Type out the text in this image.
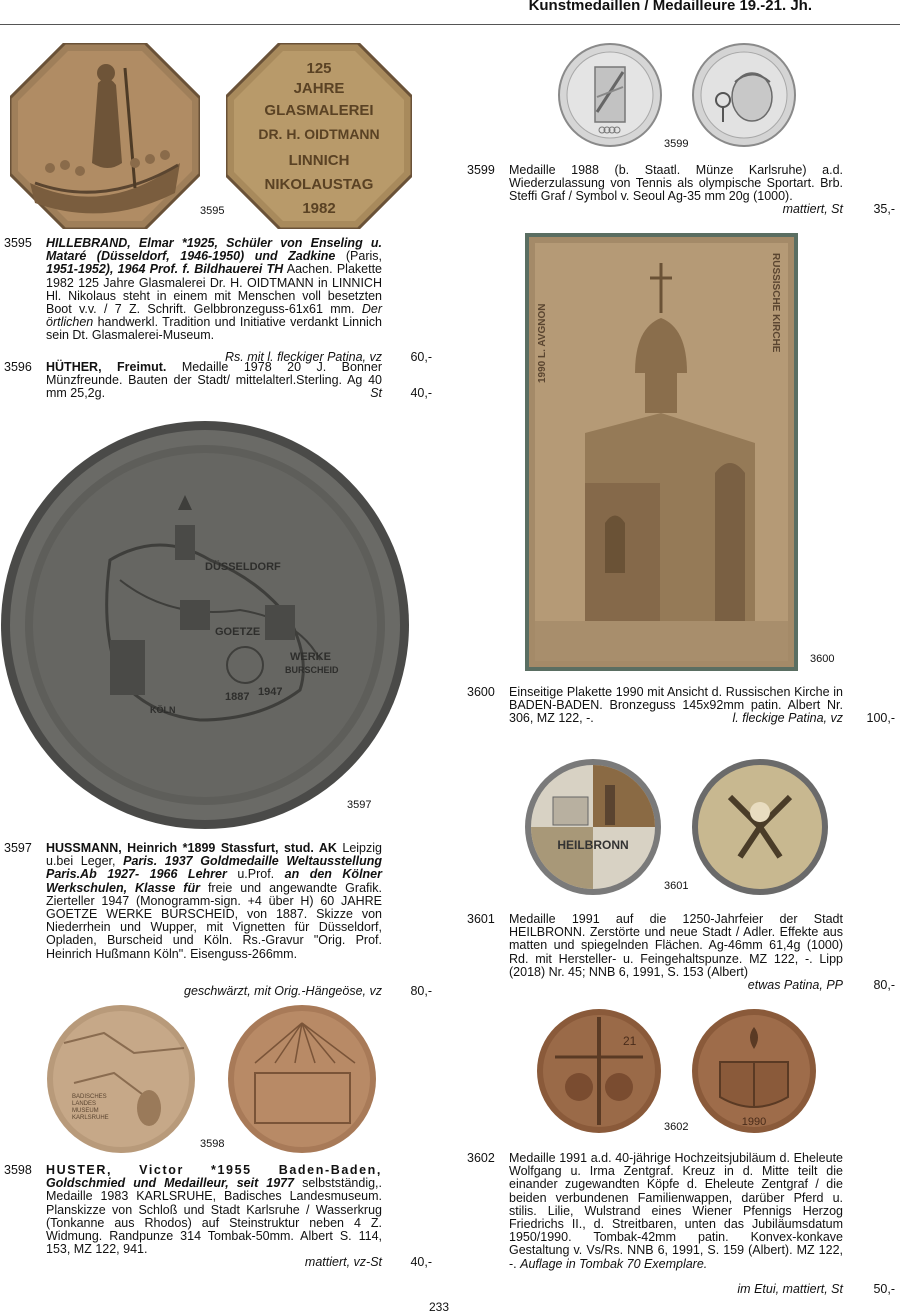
Kunstmedaillen / Medailleure 19.-21. Jh.
125
JAHRE
GLASMALEREI
DR. H. OIDTMANN
LINNICH
NIKOLAUSTAG
1982
3595
3599
DÜSSELDORF
GOETZE
WERKE
BURSCHEID
1887 1947
KÖLN
3597
RUSSISCHE KIRCHE
1990 L. AVGNON
3600
HEILBRONN
3601
BADISCHES
LANDES
MUSEUM
KARLSRUHE
3598
21
1990
3602
3595 HILLEBRAND, Elmar *1925, Schüler von Enseling u. Mataré (Düsseldorf, 1946-1950) und Zadkine (Paris, 1951-1952), 1964 Prof. f. Bildhauerei TH Aachen. Plakette 1982 125 Jahre Glasmalerei Dr. H. OIDTMANN in LINNICH Hl. Nikolaus steht in einem mit Menschen voll besetzten Boot v.v. / 7 Z. Schrift. Gelbbronzeguss-61x61 mm. Der örtlichen handwerkl. Tradition und Initiative verdankt Linnich sein Dt. Glasmalerei-Museum.
Rs. mit l. fleckiger Patina, vz 60,-
3596 HÜTHER, Freimut. Medaille 1978 20 J. Bonner Münzfreunde. Bauten der Stadt/ mittelalterl.Sterling. Ag 40 mm 25,2g.	St 40,-
3597 HUSSMANN, Heinrich *1899 Stassfurt, stud. AK Leipzig u.bei Leger, Paris. 1937 Goldmedaille Weltausstellung Paris.Ab 1927- 1966 Lehrer u.Prof. an den Kölner Werkschulen, Klasse für freie und angewandte Grafik. Zierteller 1947 (Monogramm-sign. +4 über H) 60 JAHRE GOETZE WERKE BURSCHEID, von 1887. Skizze von Niederrhein und Wupper, mit Vignetten für Düsseldorf, Opladen, Burscheid und Köln. Rs.-Gravur "Orig. Prof. Heinrich Hußmann Köln". Eisenguss-266mm.
geschwärzt, mit Orig.-Hängeöse, vz 80,-
3598 HUSTER, Victor *1955 Baden-Baden, Goldschmied und Medailleur, seit 1977 selbstständig,. Medaille 1983 KARLSRUHE, Badisches Landesmuseum. Planskizze von Schloß und Stadt Karlsruhe / Wasserkrug (Tonkanne aus Rhodos) auf Steinstruktur neben 4 Z. Widmung. Randpunze 314 Tombak-50mm. Albert S. 114, 153, MZ 122, 941.
mattiert, vz-St 40,-
3599 Medaille 1988 (b. Staatl. Münze Karlsruhe) a.d. Wiederzulassung von Tennis als olympische Sportart. Brb. Steffi Graf / Symbol v. Seoul Ag-35 mm 20g (1000).
mattiert, St 35,-
3600 Einseitige Plakette 1990 mit Ansicht d. Russischen Kirche in BADEN-BADEN. Bronzeguss 145x92mm patin. Albert Nr. 306, MZ 122, -.	l. fleckige Patina, vz 100,-
3601 Medaille 1991 auf die 1250-Jahrfeier der Stadt HEILBRONN. Zerstörte und neue Stadt / Adler. Effekte aus matten und spiegelnden Flächen. Ag-46mm 61,4g (1000) Rd. mit Hersteller- u. Feingehaltspunze. MZ 122, -. Lipp (2018) Nr. 45; NNB 6, 1991, S. 153 (Albert)
etwas Patina, PP 80,-
3602 Medaille 1991 a.d. 40-jährige Hochzeitsjubiläum d. Eheleute Wolfgang u. Irma Zentgraf. Kreuz in d. Mitte teilt die einander zugewandten Köpfe d. Eheleute Zentgraf / die beiden verbundenen Familienwappen, darüber Pferd u. stilis. Lilie, Wulstrand eines Wiener Pfennigs Herzog Friedrichs II., d. Streitbaren, unten das Jubiläumsdatum 1950/1990. Tombak-42mm patin. Konvex-konkave Gestaltung v. Vs/Rs. NNB 6, 1991, S. 159 (Albert). MZ 122, -. Auflage in Tombak 70 Exemplare.
im Etui, mattiert, St 50,-
233
